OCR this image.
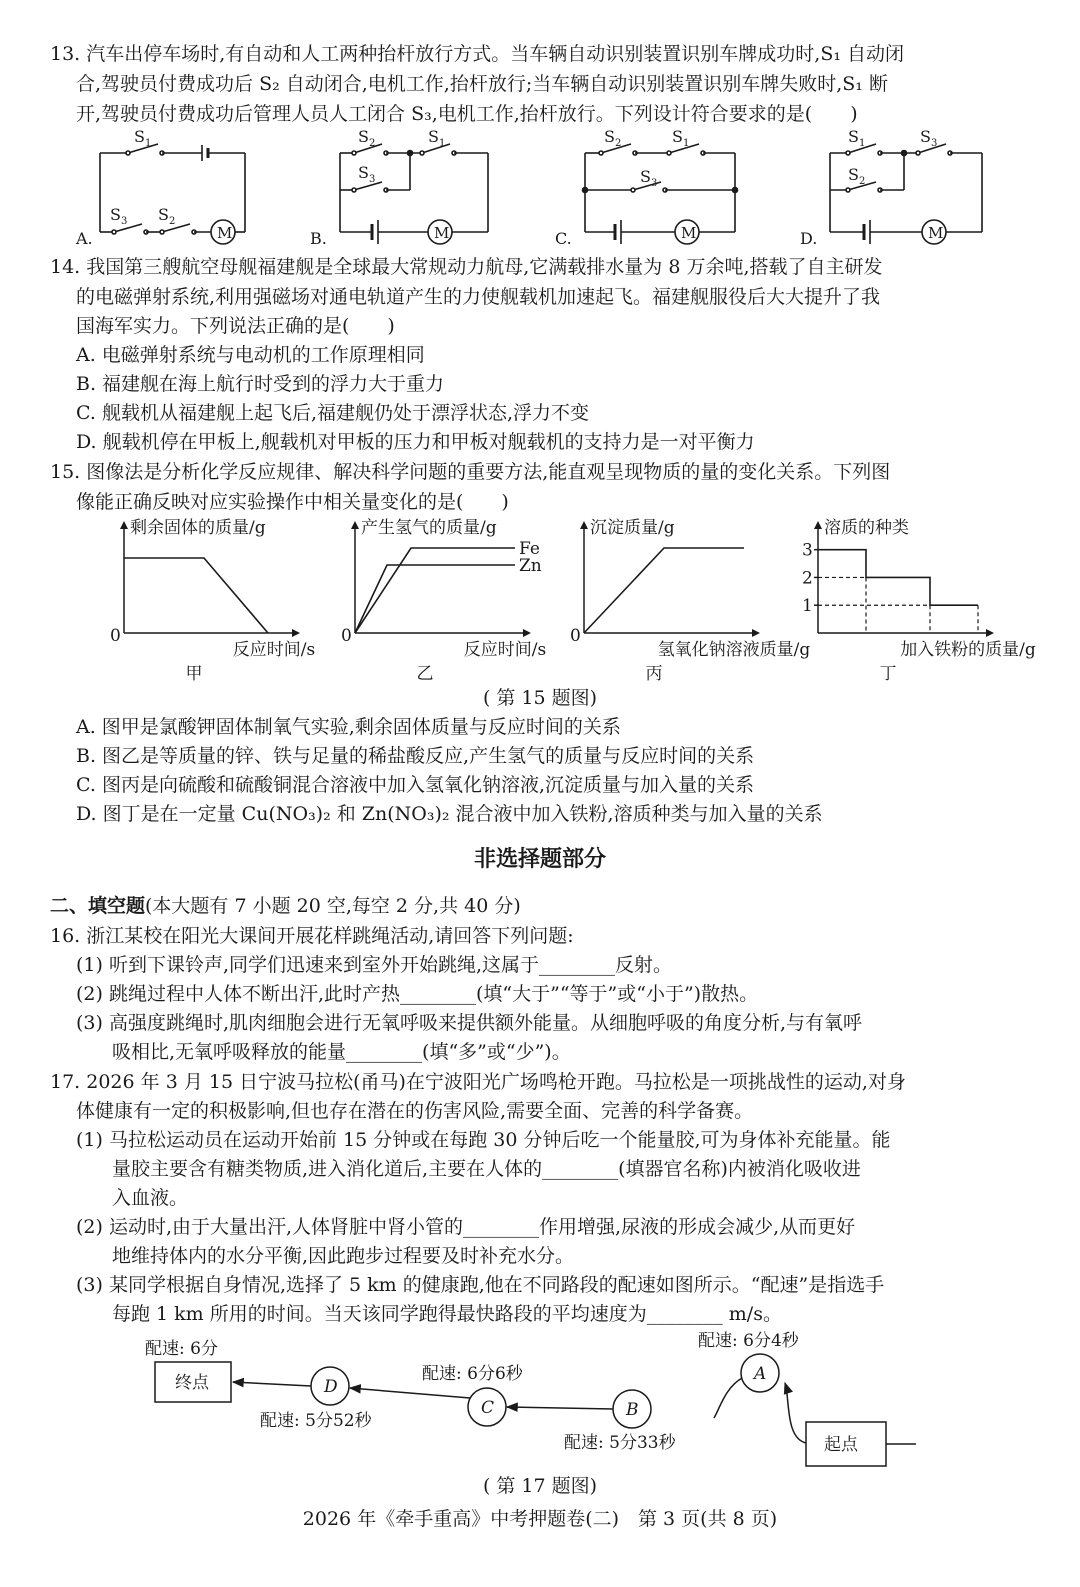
13. 汽车出停车场时,有自动和人工两种抬杆放行方式。当车辆自动识别装置识别车牌成功时,S₁ 自动闭
合,驾驶员付费成功后 S₂ 自动闭合,电机工作,抬杆放行;当车辆自动识别装置识别车牌失败时,S₁ 断
开,驾驶员付费成功后管理人员人工闭合 S₃,电机工作,抬杆放行。下列设计符合要求的是(　　)
$S_1$
$S_3$ $S_2$
M
A.
$S_2$	$S_1$
$S_3$
M
B.
$S_2$	$S_1$
$S_3$
M
C.
$S_1$	$S_3$
$S_2$
M
D.
14. 我国第三艘航空母舰福建舰是全球最大常规动力航母,它满载排水量为 8 万余吨,搭载了自主研发
的电磁弹射系统,利用强磁场对通电轨道产生的力使舰载机加速起飞。福建舰服役后大大提升了我
国海军实力。下列说法正确的是(　　)
A. 电磁弹射系统与电动机的工作原理相同
B. 福建舰在海上航行时受到的浮力大于重力
C. 舰载机从福建舰上起飞后,福建舰仍处于漂浮状态,浮力不变
D. 舰载机停在甲板上,舰载机对甲板的压力和甲板对舰载机的支持力是一对平衡力
15. 图像法是分析化学反应规律、解决科学问题的重要方法,能直观呈现物质的量的变化关系。下列图
像能正确反映对应实验操作中相关量变化的是(　　)
剩余固体的质量/g
反应时间/s
甲
0
产生氢气的质量/g
反应时间/s
乙
0
Fe
Zn
沉淀质量/g
氢氧化钠溶液质量/g
丙
0
溶质的种类
加入铁粉的质量/g
丁
3
2
1
( 第 15 题图)
A. 图甲是氯酸钾固体制氧气实验,剩余固体质量与反应时间的关系
B. 图乙是等质量的锌、铁与足量的稀盐酸反应,产生氢气的质量与反应时间的关系
C. 图丙是向硫酸和硫酸铜混合溶液中加入氢氧化钠溶液,沉淀质量与加入量的关系
D. 图丁是在一定量 Cu(NO₃)₂ 和 Zn(NO₃)₂ 混合液中加入铁粉,溶质种类与加入量的关系
非选择题部分
二、填空题(本大题有 7 小题 20 空,每空 2 分,共 40 分)
16. 浙江某校在阳光大课间开展花样跳绳活动,请回答下列问题:
(1) 听到下课铃声,同学们迅速来到室外开始跳绳,这属于________反射。
(2) 跳绳过程中人体不断出汗,此时产热________(填“大于”“等于”或“小于”)散热。
(3) 高强度跳绳时,肌肉细胞会进行无氧呼吸来提供额外能量。从细胞呼吸的角度分析,与有氧呼
吸相比,无氧呼吸释放的能量________(填“多”或“少”)。
17. 2026 年 3 月 15 日宁波马拉松(甬马)在宁波阳光广场鸣枪开跑。马拉松是一项挑战性的运动,对身
体健康有一定的积极影响,但也存在潜在的伤害风险,需要全面、完善的科学备赛。
(1) 马拉松运动员在运动开始前 15 分钟或在每跑 30 分钟后吃一个能量胶,可为身体补充能量。能
量胶主要含有糖类物质,进入消化道后,主要在人体的________(填器官名称)内被消化吸收进
入血液。
(2) 运动时,由于大量出汗,人体肾脏中肾小管的________作用增强,尿液的形成会减少,从而更好
地维持体内的水分平衡,因此跑步过程要及时补充水分。
(3) 某同学根据自身情况,选择了 5 km 的健康跑,他在不同路段的配速如图所示。“配速”是指选手
每跑 1 km 所用的时间。当天该同学跑得最快路段的平均速度为________ m/s。
终点
起点
A
B
C
D
配速: 6分	配速: 6分4秒
配速: 5分33秒
配速: 6分6秒
配速: 5分52秒
( 第 17 题图)
2026 年《牵手重高》中考押题卷(二)　第 3 页(共 8 页)
